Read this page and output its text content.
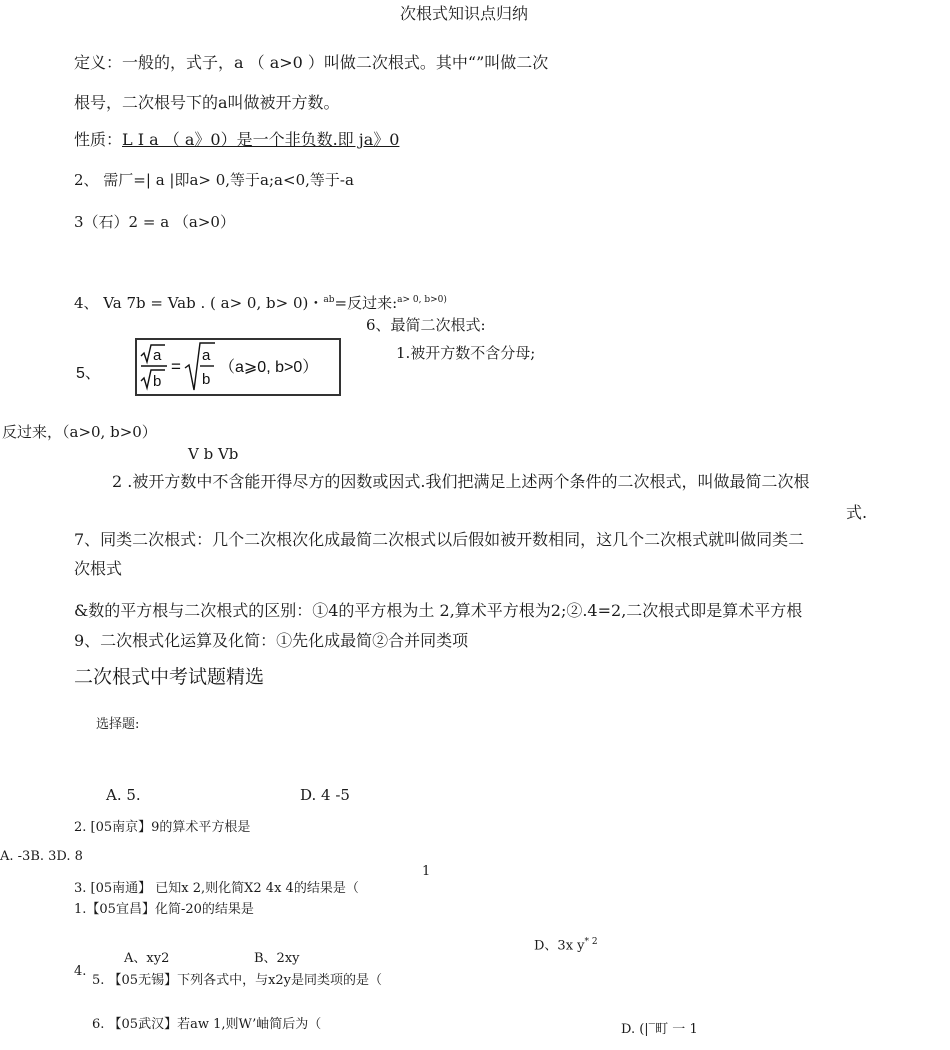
次根式知识点归纳
定义：一般的，式子，a （ a>0 ）叫做二次根式。其中“”叫做二次
根号，二次根号下的a叫做被开方数。
性质：L Ⅰ a （ a》0）是一个非负数.即 ja》0
2、 需厂=| a |即a> 0,等于a;a<0,等于-a
3（石）2 = a （a>0）
4、 Va 7b = Vab . ( a> 0, b> 0)・$^{ab}$=反过来:$^{a> 0, b>0)}$
6、最简二次根式:
1.被开方数不含分母;
5、
a
b
=
a
b
（a⩾0, b>0）
反过来，（a>0, b>0）
V b Vb
2 .被开方数中不含能开得尽方的因数或因式.我们把满足上述两个条件的二次根式，叫做最简二次根
式.
7、同类二次根式：几个二次根次化成最简二次根式以后假如被开数相同，这几个二次根式就叫做同类二
次根式
&数的平方根与二次根式的区别：①4的平方根为土 2,算术平方根为2;②.4=2,二次根式即是算术平方根
9、二次根式化运算及化简：①先化成最简②合并同类项
二次根式中考试题精选
选择题:
A. 5.	D. 4 -5
2. [05南京】9的算术平方根是
A. -3B. 3D. 8
1
3. [05南通】 已知x 2,则化简X2 4x 4的结果是（
1.【05宜昌】化简-20的结果是
D、3x $y^{* 2}$
A、xy2	B、2xy
4.
5. 【05无锡】下列各式中，与x2y是同类项的是（
6. 【05武汉】若aw 1,则W’岫简后为（	D. (|‾町 一 1
